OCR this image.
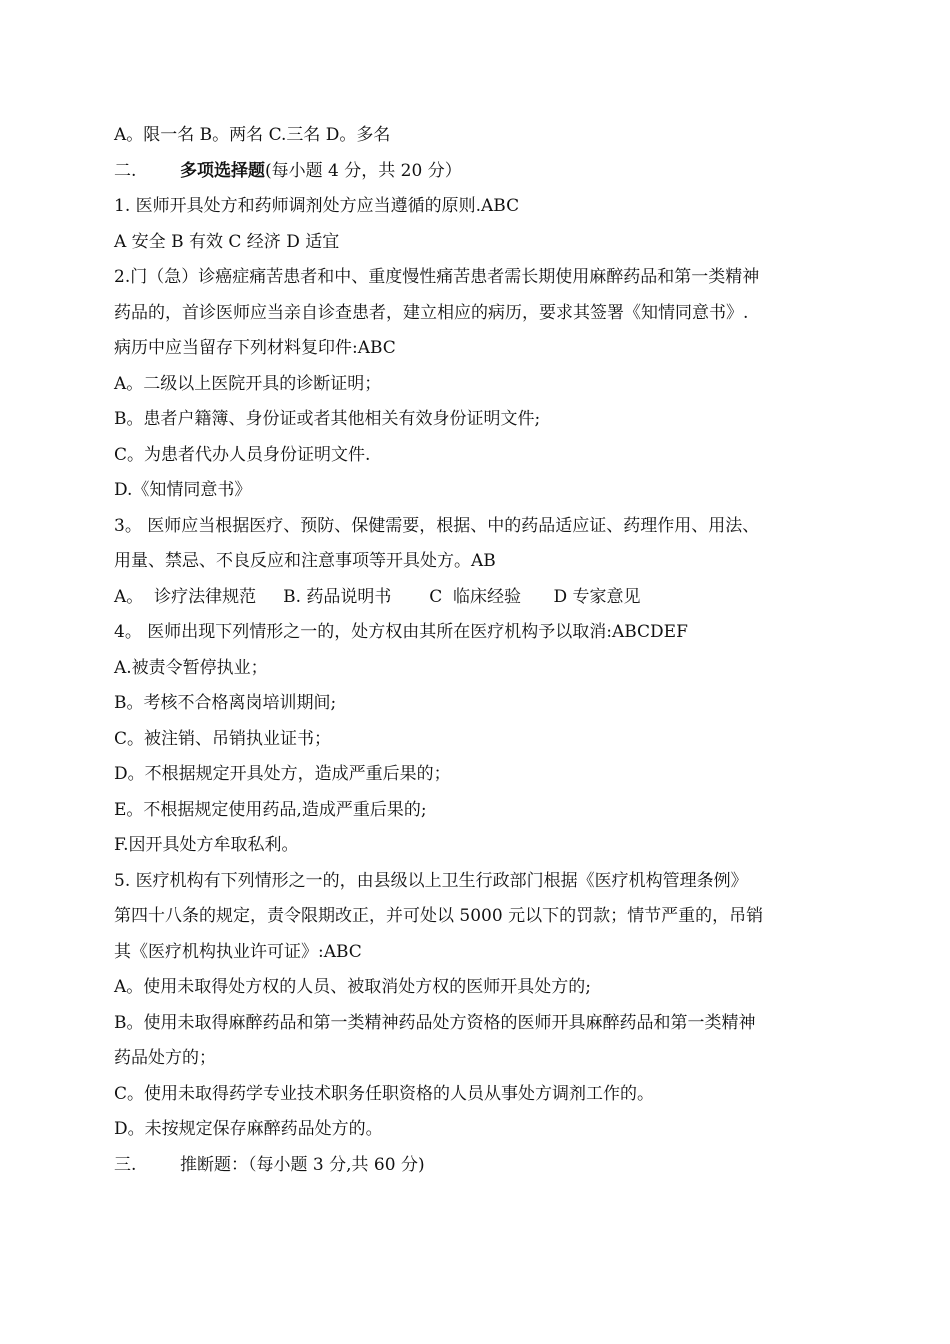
A。限一名 B。两名 C.三名 D。多名
二.	多项选择题(每小题 4 分，共 20 分）
1. 医师开具处方和药师调剂处方应当遵循的原则.ABC
A 安全 B 有效 C 经济 D 适宜
2.门（急）诊癌症痛苦患者和中、重度慢性痛苦患者需长期使用麻醉药品和第一类精神
药品的，首诊医师应当亲自诊查患者，建立相应的病历，要求其签署《知情同意书》.
病历中应当留存下列材料复印件:ABC
A。二级以上医院开具的诊断证明；
B。患者户籍簿、身份证或者其他相关有效身份证明文件;
C。为患者代办人员身份证明文件.
D.《知情同意书》
3。 医师应当根据医疗、预防、保健需要，根据、中的药品适应证、药理作用、用法、
用量、禁忌、不良反应和注意事项等开具处方。AB
A。  诊疗法律规范     B. 药品说明书       C  临床经验      D 专家意见
4。 医师出现下列情形之一的，处方权由其所在医疗机构予以取消:ABCDEF
A.被责令暂停执业；
B。考核不合格离岗培训期间;
C。被注销、吊销执业证书；
D。不根据规定开具处方，造成严重后果的；
E。不根据规定使用药品,造成严重后果的;
F.因开具处方牟取私利。
5. 医疗机构有下列情形之一的，由县级以上卫生行政部门根据《医疗机构管理条例》
第四十八条的规定，责令限期改正，并可处以 5000 元以下的罚款；情节严重的，吊销
其《医疗机构执业许可证》:ABC
A。使用未取得处方权的人员、被取消处方权的医师开具处方的;
B。使用未取得麻醉药品和第一类精神药品处方资格的医师开具麻醉药品和第一类精神
药品处方的；
C。使用未取得药学专业技术职务任职资格的人员从事处方调剂工作的。
D。未按规定保存麻醉药品处方的。
三.	推断题：（每小题 3 分,共 60 分)
